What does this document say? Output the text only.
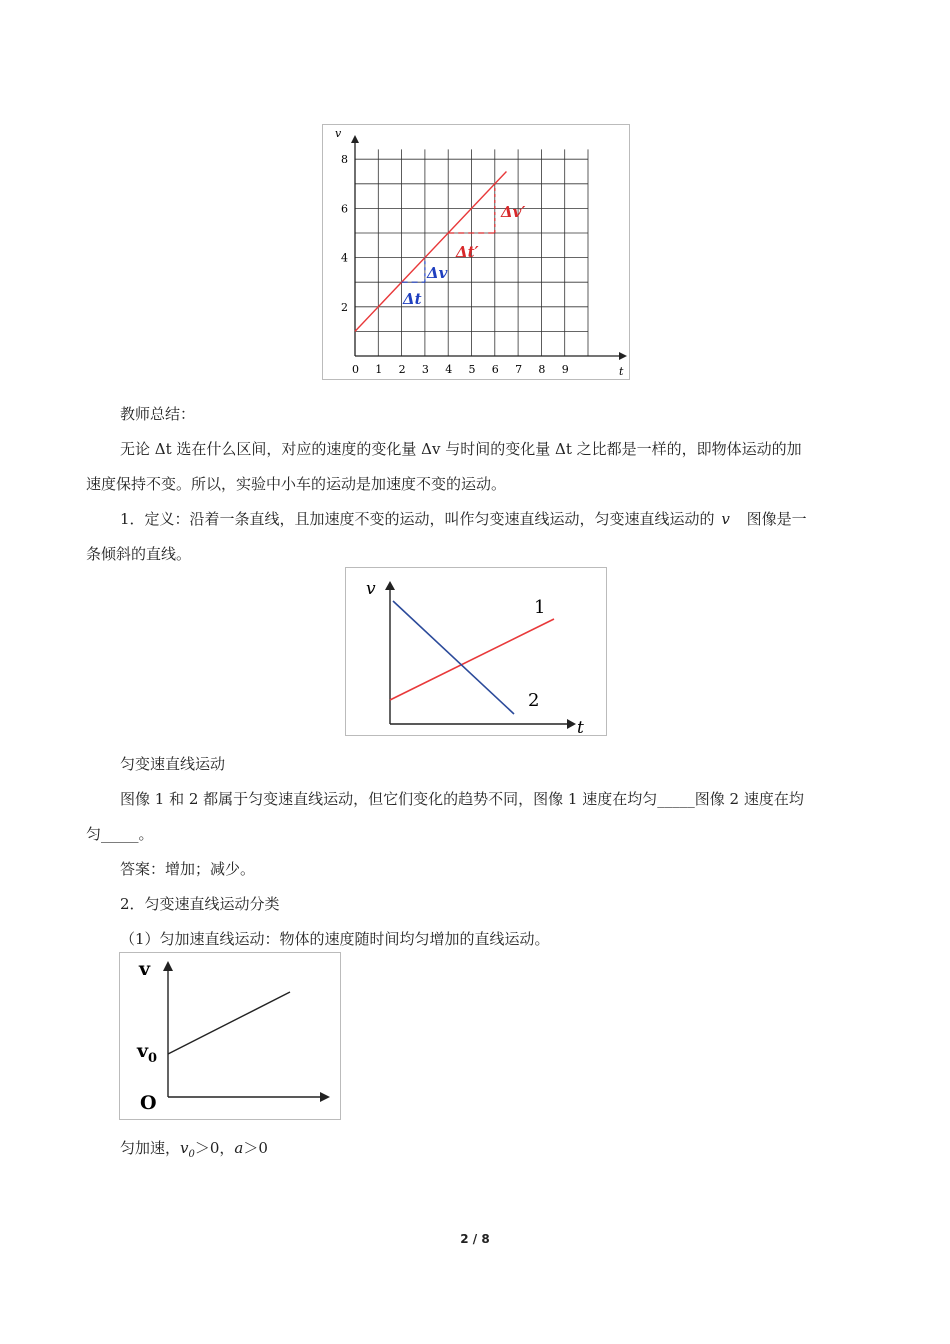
v
t
8
6
4
2
0 1 2 3 4 5 6 7 8 9
Δv′
Δt′
Δv
Δt
教师总结：
无论 Δt 选在什么区间，对应的速度的变化量 Δv 与时间的变化量 Δt 之比都是一样的，即物体运动的加
速度保持不变。所以，实验中小车的运动是加速度不变的运动。
1．定义：沿着一条直线，且加速度不变的运动，叫作匀变速直线运动，匀变速直线运动的 v 图像是一
条倾斜的直线。
v
t
1
2
匀变速直线运动
图像 1 和 2 都属于匀变速直线运动，但它们变化的趋势不同，图像 1 速度在均匀_____图像 2 速度在均
匀_____。
答案：增加；减少。
2．匀变速直线运动分类
（1）匀加速直线运动：物体的速度随时间均匀增加的直线运动。
v
$v_0$
O
匀加速，$v_0>0$，a＞0
2 / 8
